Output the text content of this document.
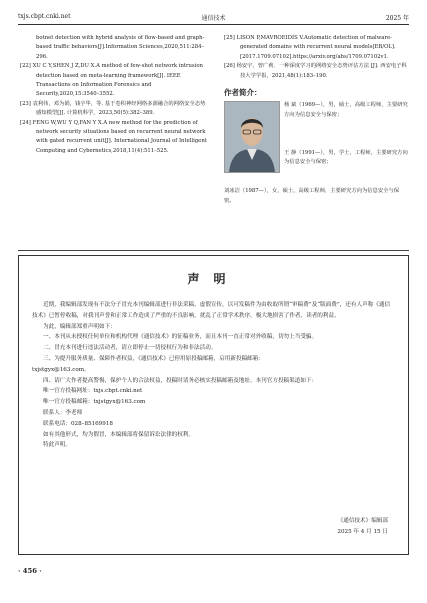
txjs.cbpt.cnki.net	通信技术	2025 年

botnet detection with hybrid analysis of flow-based and graph-based traffic behaviors[J].Information Sciences,2020,511:284–296.

[22] XU C Y,SHEN J Z,DU X.A method of few-shot network intrusion detection based on meta-learning framework[J]. IEEE Transactions on Information Forensics and Security,2020,15:3540–3552.

[23] 袁利伟，邓为娟，钱宇华，等. 基于卷积神经网络多源融合的网络安全态势感知模型[J]. 计算机科学，2023,50(5):382–389.

[24] FENG W,WU Y Q,FAN Y X.A new method for the prediction of network security situations based on recurrent neural network with gated recurrent unit[J]. International Journal of Intelligent Computing and Cybernetics,2018,11(4):511–525.

[25] LISON P,MAVROEIDIS V.Automatic detection of malware-generated domains with recurrent neural models[EB/OL].[2017.1709.07102].https://arxiv.org/abs/1709.07102v1.

[26] 杨安宇，曾广莉．一种深度学习的网络安全态势评估方法 [J]. 西安电子科技大学学报，2021,48(1):183–190.

作者简介：

杨 斌（1969—），男，硕士，高级工程师，主要研究方向为信息安全与保密；

王 静（1991—），男，学士，工程师，主要研究方向为信息安全与保密；

刘冰洁（1987—），女，硕士，高级工程师，主要研究方向为信息安全与保密。

声明

近期，我编辑部发现有不法分子冒充本刊编辑部进行非法采稿、虚假宣传，以可发稿件为由收取所谓“审稿费”及“版面费”，还有人声称《通信技术》已暂停收稿，对我刊声誉和正常工作造成了严重的不良影响，扰乱了正常学术秩序，极大地损害了作者、读者的利益。

为此，编辑部郑重声明如下：

一、本刊从未授权任何单位和机构代理《通信技术》的征稿业务，而且本刊一直正常对外收稿，切勿上当受骗。

二、冒充本刊进行违法活动者，请立即停止一切侵权行为和非法活动。

三、为提升服务质量、保障作者权益，《通信技术》已停用原投稿邮箱，启用新投稿邮箱：

txjstgyx@163.com。

四、请广大作者提高警惕，保护个人的合法权益，投稿时请务必核实投稿邮箱及地址。本刊官方投稿渠道如下：

唯一官方投稿网址：txjs.cbpt.cnki.net

唯一官方投稿邮箱：txjstgyx@163.com

联系人：李老师

联系电话：028–85169918

如有其他形式，均为假冒，本编辑部将保留诉讼法律的权利。

特此声明。

《通信技术》编辑部
2025 年 4 月 15 日
· 456 ·
